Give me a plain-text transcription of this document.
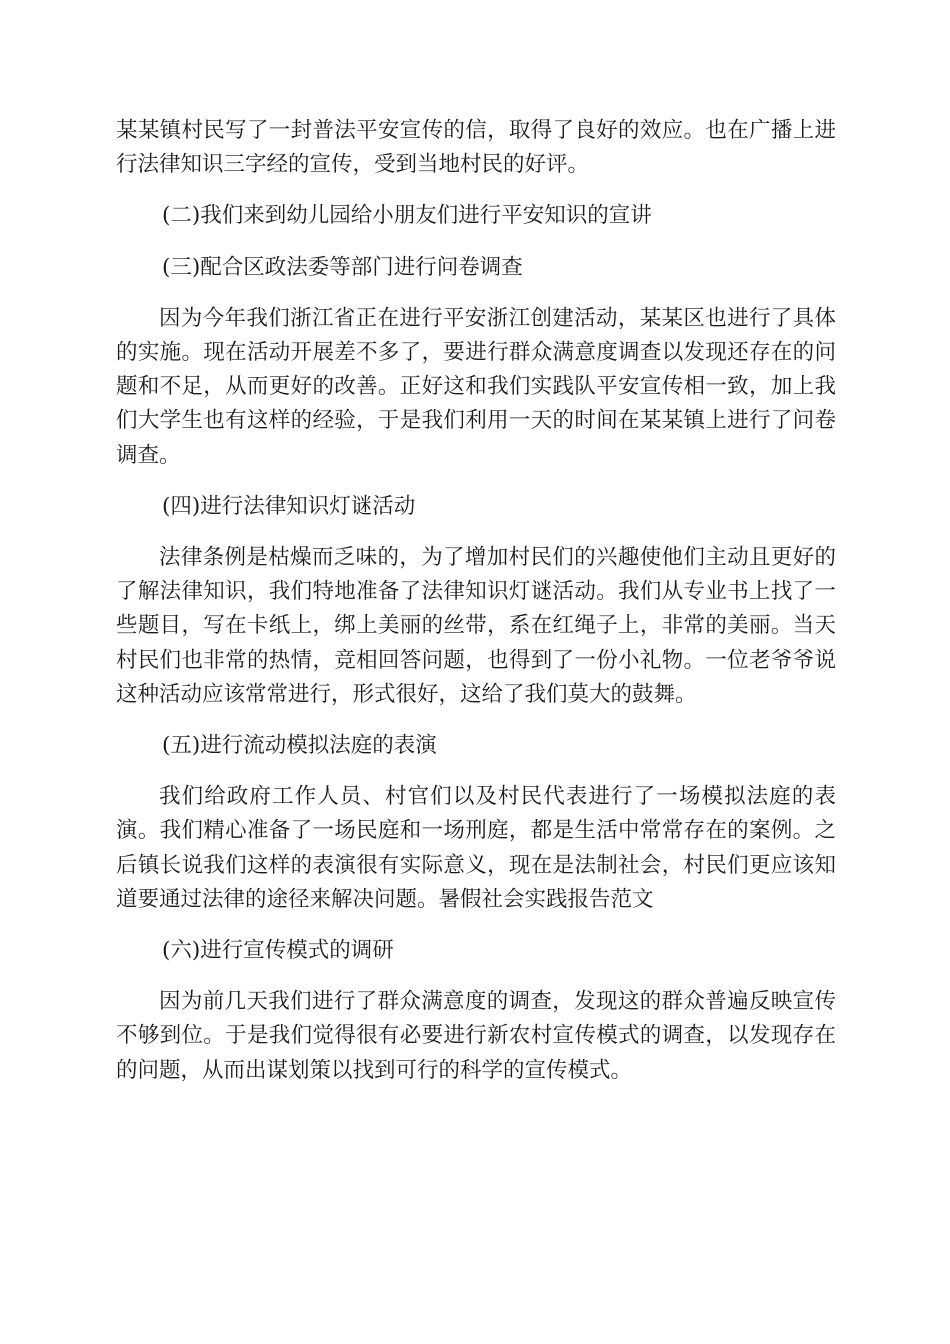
某某镇村民写了一封普法平安宣传的信，取得了良好的效应。也在广播上进行法律知识三字经的宣传，受到当地村民的好评。

(二)我们来到幼儿园给小朋友们进行平安知识的宣讲

(三)配合区政法委等部门进行问卷调查

因为今年我们浙江省正在进行平安浙江创建活动，某某区也进行了具体的实施。现在活动开展差不多了，要进行群众满意度调查以发现还存在的问题和不足，从而更好的改善。正好这和我们实践队平安宣传相一致，加上我们大学生也有这样的经验，于是我们利用一天的时间在某某镇上进行了问卷调查。

(四)进行法律知识灯谜活动

法律条例是枯燥而乏味的，为了增加村民们的兴趣使他们主动且更好的了解法律知识，我们特地准备了法律知识灯谜活动。我们从专业书上找了一些题目，写在卡纸上，绑上美丽的丝带，系在红绳子上，非常的美丽。当天村民们也非常的热情，竞相回答问题，也得到了一份小礼物。一位老爷爷说这种活动应该常常进行，形式很好，这给了我们莫大的鼓舞。

(五)进行流动模拟法庭的表演

我们给政府工作人员、村官们以及村民代表进行了一场模拟法庭的表演。我们精心准备了一场民庭和一场刑庭，都是生活中常常存在的案例。之后镇长说我们这样的表演很有实际意义，现在是法制社会，村民们更应该知道要通过法律的途径来解决问题。暑假社会实践报告范文

(六)进行宣传模式的调研

因为前几天我们进行了群众满意度的调查，发现这的群众普遍反映宣传不够到位。于是我们觉得很有必要进行新农村宣传模式的调查，以发现存在的问题，从而出谋划策以找到可行的科学的宣传模式。
